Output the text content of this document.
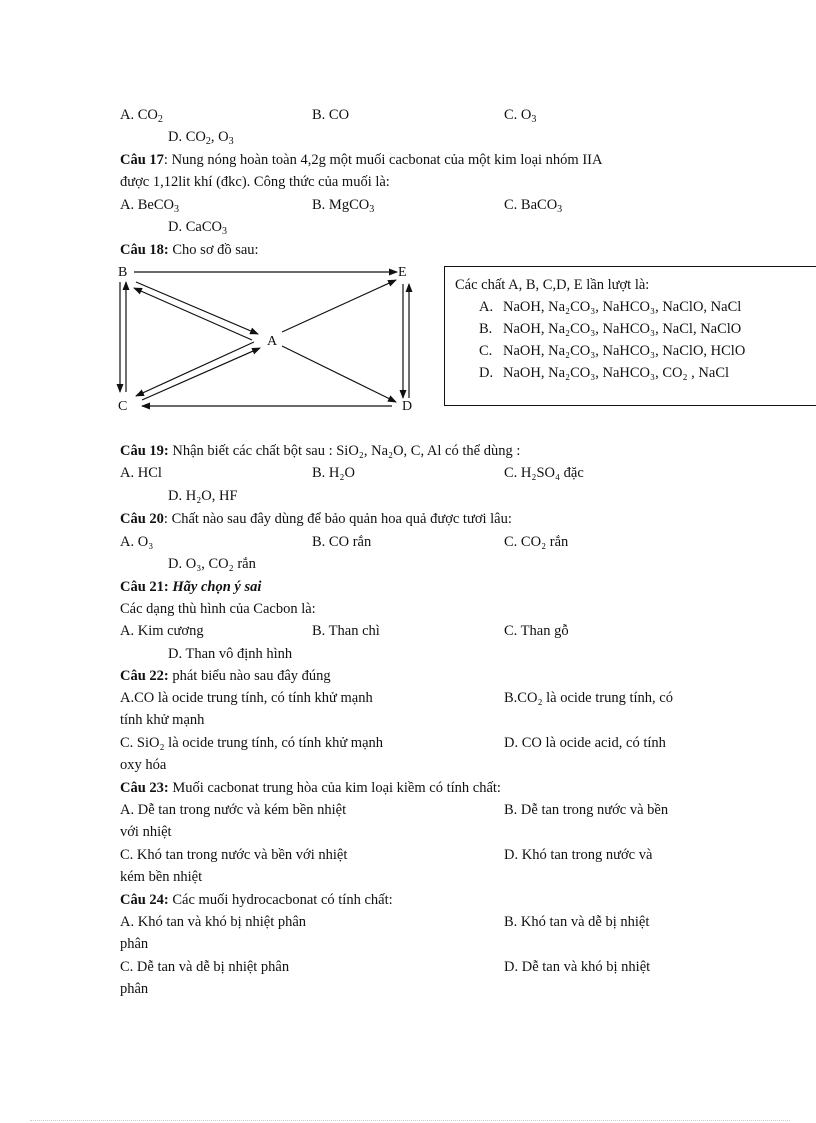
A. $CO_2$	B. CO	C. $O_3$
D. $CO_2$, $O_3$
Câu 17: Nung nóng hoàn toàn 4,2g một muối cacbonat của một kim loại nhóm IIA
được 1,12lit khí (đkc). Công thức của muối là:
A. BeCO$_3$	B. MgCO$_3$	C. BaCO$_3$
D. CaCO$_3$
Câu 18: Cho sơ đồ sau:
B	E
A
C	D
Các chất A, B, C,D, E lần lượt là:
A. NaOH, Na₂CO₃, NaHCO₃, NaClO, NaCl
B. NaOH, Na₂CO₃, NaHCO₃, NaCl, NaClO
C. NaOH, Na₂CO₃, NaHCO₃, NaClO, HClO
D. NaOH, Na₂CO₃, NaHCO₃, CO₂ , NaCl
Câu 19: Nhận biết các chất bột sau : SiO₂, Na₂O, C, Al có thể dùng :
A. HCl	B. H₂O	C. H₂SO₄ đặc
D. H₂O, HF
Câu 20: Chất nào sau đây dùng để bảo quản hoa quả được tươi lâu:
A. O₃	B. CO rắn	C. CO₂ rắn
D. O₃, CO₂ rắn
Câu 21: Hãy chọn ý sai
Các dạng thù hình của Cacbon là:
A. Kim cương	B. Than chì	C. Than gỗ
D. Than vô định hình
Câu 22: phát biểu nào sau đây đúng
A.CO là ocide trung tính, có tính khử mạnh	B.CO₂ là ocide trung tính, có
tính khử mạnh
C. SiO₂ là ocide trung tính, có tính khử mạnh	D. CO là ocide acid, có tính
oxy hóa
Câu 23: Muối cacbonat trung hòa của kim loại kiềm có tính chất:
A. Dễ tan trong nước và kém bền nhiệt	B. Dễ tan trong nước và bền
với nhiệt
C. Khó tan trong nước và bền với nhiệt	D. Khó tan trong nước và
kém bền nhiệt
Câu 24: Các muối hydrocacbonat có tính chất:
A. Khó tan và khó bị nhiệt phân	B. Khó tan và dễ bị nhiệt
phân
C. Dễ tan và dễ bị nhiệt phân	D. Dễ tan và khó bị nhiệt
phân
